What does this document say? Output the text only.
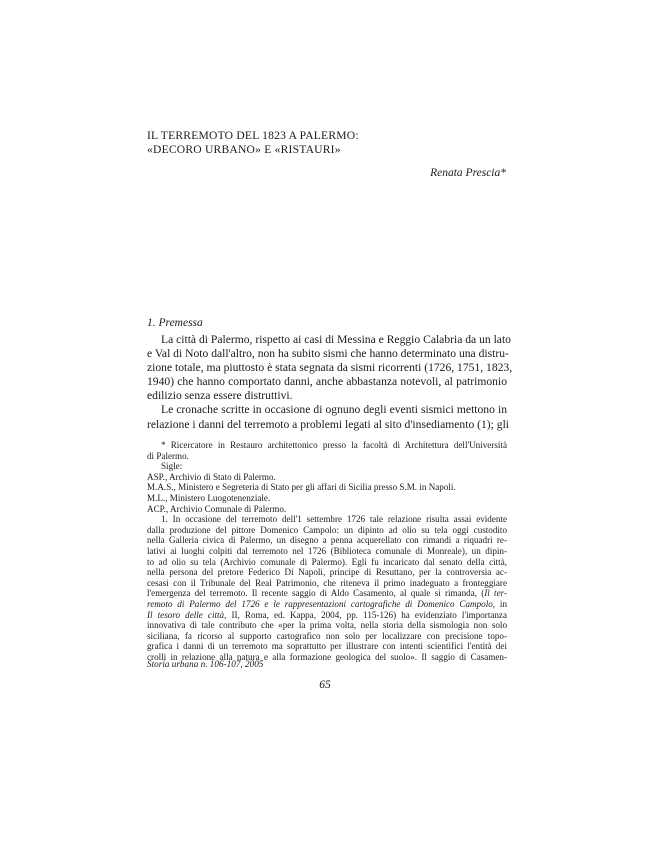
IL TERREMOTO DEL 1823 A PALERMO:
«DECORO URBANO» E «RISTAURI»
Renata Prescia*
1. Premessa
La città di Palermo, rispetto ai casi di Messina e Reggio Calabria da un lato
e Val di Noto dall'altro, non ha subito sismi che hanno determinato una distru-
zione totale, ma piuttosto è stata segnata da sismi ricorrenti (1726, 1751, 1823,
1940) che hanno comportato danni, anche abbastanza notevoli, al patrimonio
edilizio senza essere distruttivi.
Le cronache scritte in occasione di ognuno degli eventi sismici mettono in
relazione i danni del terremoto a problemi legati al sito d'insediamento (1); gli
* Ricercatore in Restauro architettonico presso la facoltà di Architettura dell'Università
di Palermo.
Sigle:
ASP., Archivio di Stato di Palermo.
M.A.S., Ministero e Segreteria di Stato per gli affari di Sicilia presso S.M. in Napoli.
M.L., Ministero Luogotenenziale.
ACP., Archivio Comunale di Palermo.
1. In occasione del terremoto dell'1 settembre 1726 tale relazione risulta assai evidente
dalla produzione del pittore Domenico Campolo: un dipinto ad olio su tela oggi custodito
nella Galleria civica di Palermo, un disegno a penna acquerellato con rimandi a riquadri re-
lativi ai luoghi colpiti dal terremoto nel 1726 (Biblioteca comunale di Monreale), un dipin-
to ad olio su tela (Archivio comunale di Palermo). Egli fu incaricato dal senato della città,
nella persona del pretore Federico Di Napoli, principe di Resuttano, per la controversia ac-
cesasi con il Tribunale del Real Patrimonio, che riteneva il primo inadeguato a fronteggiare
l'emergenza del terremoto. Il recente saggio di Aldo Casamento, al quale si rimanda, (Il ter-
remoto di Palermo del 1726 e le rappresentazioni cartografiche di Domenico Campolo, in
Il tesoro delle città, II, Roma, ed. Kappa, 2004, pp. 115-126) ha evidenziato l'importanza
innovativa di tale contributo che «per la prima volta, nella storia della sismologia non solo
siciliana, fa ricorso al supporto cartografico non solo per localizzare con precisione topo-
grafica i danni di un terremoto ma soprattutto per illustrare con intenti scientifici l'entità dei
crolli in relazione alla natura e alla formazione geologica del suolo». Il saggio di Casamen-
Storia urbana n. 106-107, 2005
65
